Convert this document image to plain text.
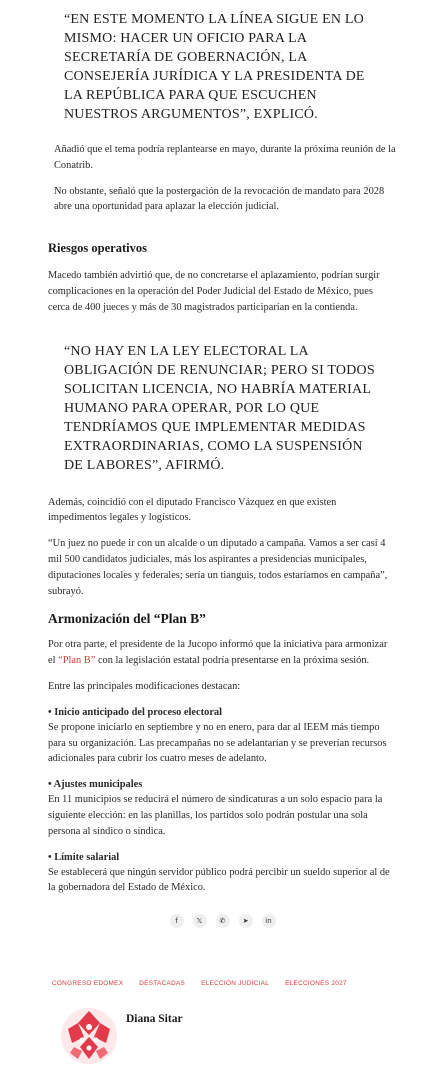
“EN ESTE MOMENTO LA LÍNEA SIGUE EN LO MISMO: HACER UN OFICIO PARA LA SECRETARÍA DE GOBERNACIÓN, LA CONSEJERÍA JURÍDICA Y LA PRESIDENTA DE LA REPÚBLICA PARA QUE ESCUCHEN NUESTROS ARGUMENTOS”, EXPLICÓ.

Añadió que el tema podría replantearse en mayo, durante la próxima reunión de la Conatrib.

No obstante, señaló que la postergación de la revocación de mandato para 2028 abre una oportunidad para aplazar la elección judicial.

Riesgos operativos

Macedo también advirtió que, de no concretarse el aplazamiento, podrían surgir complicaciones en la operación del Poder Judicial del Estado de México, pues cerca de 400 jueces y más de 30 magistrados participarían en la contienda.

“NO HAY EN LA LEY ELECTORAL LA OBLIGACIÓN DE RENUNCIAR; PERO SI TODOS SOLICITAN LICENCIA, NO HABRÍA MATERIAL HUMANO PARA OPERAR, POR LO QUE TENDRÍAMOS QUE IMPLEMENTAR MEDIDAS EXTRAORDINARIAS, COMO LA SUSPENSIÓN DE LABORES”, AFIRMÓ.

Además, coincidió con el diputado Francisco Vázquez en que existen impedimentos legales y logísticos.

“Un juez no puede ir con un alcalde o un diputado a campaña. Vamos a ser casi 4 mil 500 candidatos judiciales, más los aspirantes a presidencias municipales, diputaciones locales y federales; sería un tianguis, todos estaríamos en campaña”, subrayó.

Armonización del “Plan B”

Por otra parte, el presidente de la Jucopo informó que la iniciativa para armonizar el “Plan B” con la legislación estatal podría presentarse en la próxima sesión.

Entre las principales modificaciones destacan:

• Inicio anticipado del proceso electoral

Se propone iniciarlo en septiembre y no en enero, para dar al IEEM más tiempo para su organización. Las precampañas no se adelantarían y se preverían recursos adicionales para cubrir los cuatro meses de adelanto.

• Ajustes municipales

En 11 municipios se reducirá el número de sindicaturas a un solo espacio para la siguiente elección: en las planillas, los partidos solo podrán postular una sola persona al síndico o síndica.

• Límite salarial

Se establecerá que ningún servidor público podrá percibir un sueldo superior al de la gobernadora del Estado de México.

f	𝕏	✆	➤	in
CONGRESO EDOMEX	DESTACADAS	ELECCIÓN JUDICIAL	ELECCIONES 2027
Diana Sitar
